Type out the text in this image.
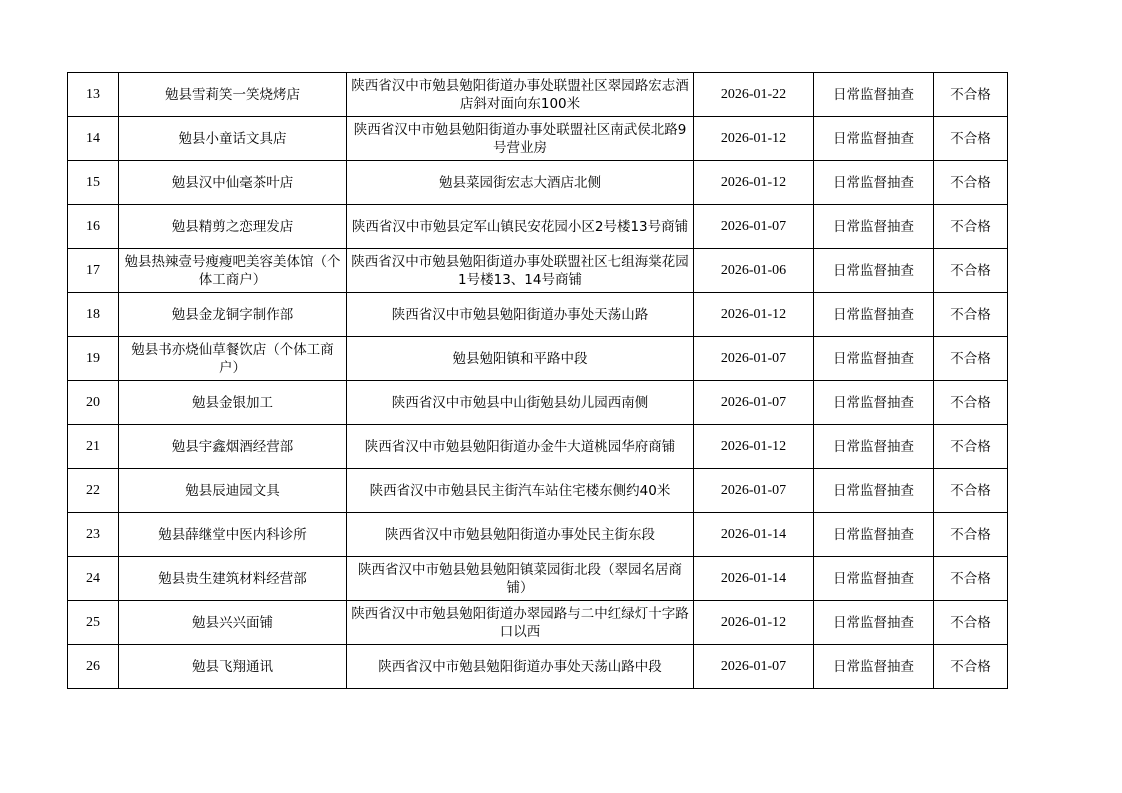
13	勉县雪莉笑一笑烧烤店	陕西省汉中市勉县勉阳街道办事处联盟社区翠园路宏志酒店斜对面向东100米	2026-01-22	日常监督抽查	不合格
14	勉县小童话文具店	陕西省汉中市勉县勉阳街道办事处联盟社区南武侯北路9号营业房	2026-01-12	日常监督抽查	不合格
15	勉县汉中仙毫茶叶店	勉县菜园街宏志大酒店北侧	2026-01-12	日常监督抽查	不合格
16	勉县精剪之恋理发店	陕西省汉中市勉县定军山镇民安花园小区2号楼13号商铺	2026-01-07	日常监督抽查	不合格
17	勉县热辣壹号瘦瘦吧美容美体馆（个体工商户）	陕西省汉中市勉县勉阳街道办事处联盟社区七组海棠花园1号楼13、14号商铺	2026-01-06	日常监督抽查	不合格
18	勉县金龙铜字制作部	陕西省汉中市勉县勉阳街道办事处天荡山路	2026-01-12	日常监督抽查	不合格
19	勉县书亦烧仙草餐饮店（个体工商户）	勉县勉阳镇和平路中段	2026-01-07	日常监督抽查	不合格
20	勉县金银加工	陕西省汉中市勉县中山街勉县幼儿园西南侧	2026-01-07	日常监督抽查	不合格
21	勉县宇鑫烟酒经营部	陕西省汉中市勉县勉阳街道办金牛大道桃园华府商铺	2026-01-12	日常监督抽查	不合格
22	勉县辰迪园文具	陕西省汉中市勉县民主街汽车站住宅楼东侧约40米	2026-01-07	日常监督抽查	不合格
23	勉县薛继堂中医内科诊所	陕西省汉中市勉县勉阳街道办事处民主街东段	2026-01-14	日常监督抽查	不合格
24	勉县贵生建筑材料经营部	陕西省汉中市勉县勉县勉阳镇菜园街北段（翠园名居商铺）	2026-01-14	日常监督抽查	不合格
25	勉县兴兴面铺	陕西省汉中市勉县勉阳街道办翠园路与二中红绿灯十字路口以西	2026-01-12	日常监督抽查	不合格
26	勉县飞翔通讯	陕西省汉中市勉县勉阳街道办事处天荡山路中段	2026-01-07	日常监督抽查	不合格
